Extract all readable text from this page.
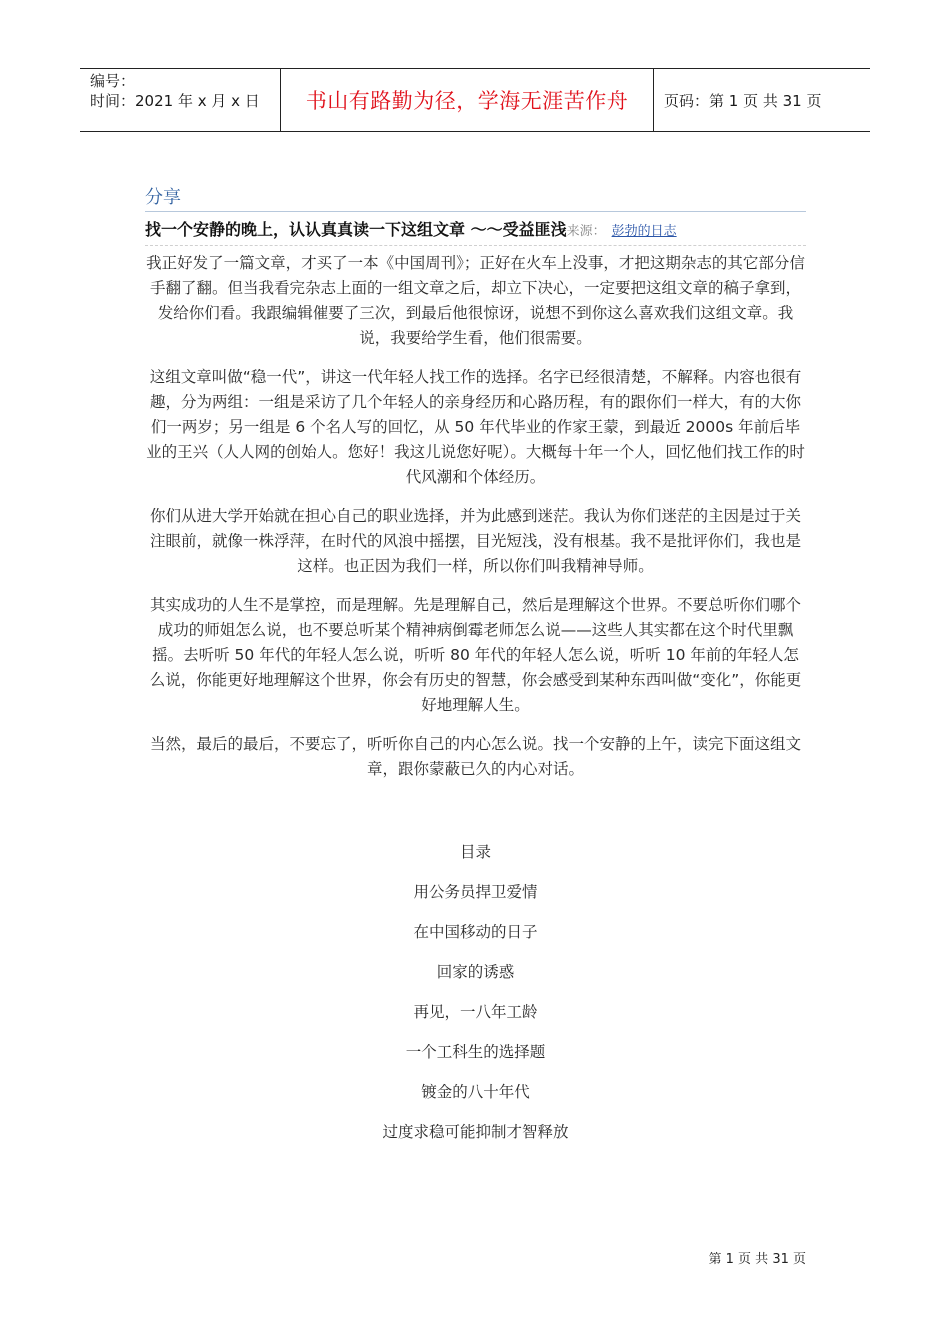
编号：
时间：2021 年 x 月 x 日	书山有路勤为径，学海无涯苦作舟	页码：第 1 页 共 31 页
分享
找一个安静的晚上，认认真真读一下这组文章 ～～受益匪浅来源： 彭勃的日志

我正好发了一篇文章，才买了一本《中国周刊》；正好在火车上没事，才把这期杂志的其它部分信手翻了翻。但当我看完杂志上面的一组文章之后，却立下决心，一定要把这组文章的稿子拿到，发给你们看。我跟编辑催要了三次，到最后他很惊讶，说想不到你这么喜欢我们这组文章。我说，我要给学生看，他们很需要。

这组文章叫做“稳一代”，讲这一代年轻人找工作的选择。名字已经很清楚，不解释。内容也很有趣，分为两组：一组是采访了几个年轻人的亲身经历和心路历程，有的跟你们一样大，有的大你们一两岁；另一组是 6 个名人写的回忆，从 50 年代毕业的作家王蒙，到最近 2000s 年前后毕业的王兴（人人网的创始人。您好！我这儿说您好呢）。大概每十年一个人，回忆他们找工作的时代风潮和个体经历。

你们从进大学开始就在担心自己的职业选择，并为此感到迷茫。我认为你们迷茫的主因是过于关注眼前，就像一株浮萍，在时代的风浪中摇摆，目光短浅，没有根基。我不是批评你们，我也是这样。也正因为我们一样，所以你们叫我精神导师。

其实成功的人生不是掌控，而是理解。先是理解自己，然后是理解这个世界。不要总听你们哪个成功的师姐怎么说，也不要总听某个精神病倒霉老师怎么说——这些人其实都在这个时代里飘摇。去听听 50 年代的年轻人怎么说，听听 80 年代的年轻人怎么说，听听 10 年前的年轻人怎么说，你能更好地理解这个世界，你会有历史的智慧，你会感受到某种东西叫做“变化”，你能更好地理解人生。

当然，最后的最后，不要忘了，听听你自己的内心怎么说。找一个安静的上午，读完下面这组文章，跟你蒙蔽已久的内心对话。

目录
用公务员捍卫爱情
在中国移动的日子
回家的诱惑
再见，一八年工龄
一个工科生的选择题
镀金的八十年代
过度求稳可能抑制才智释放
第 1 页 共 31 页
